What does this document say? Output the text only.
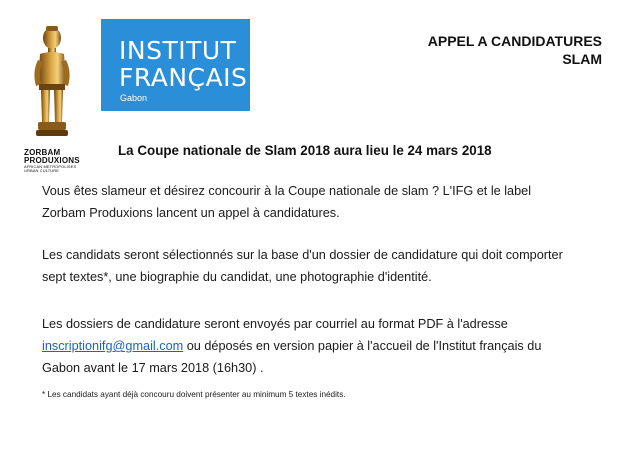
ZORBAM PRODUXIONS
AFRICAN METROPOLISES
URBAN CULTURE
INSTITUT
FRANÇAIS
Gabon
APPEL A CANDIDATURES
SLAM
La Coupe nationale de Slam 2018 aura lieu le 24 mars 2018
Vous êtes slameur et désirez concourir à la Coupe nationale de slam ? L'IFG et le label
Zorbam Produxions lancent un appel à candidatures.
Les candidats seront sélectionnés sur la base d'un dossier de candidature qui doit comporter
sept textes*, une biographie du candidat, une photographie d'identité.
Les dossiers de candidature seront envoyés par courriel au format PDF à l'adresse
inscriptionifg@gmail.com ou déposés en version papier à l'accueil de l'Institut français du
Gabon avant le 17 mars 2018 (16h30) .
* Les candidats ayant déjà concouru doivent présenter au minimum 5 textes inédits.
